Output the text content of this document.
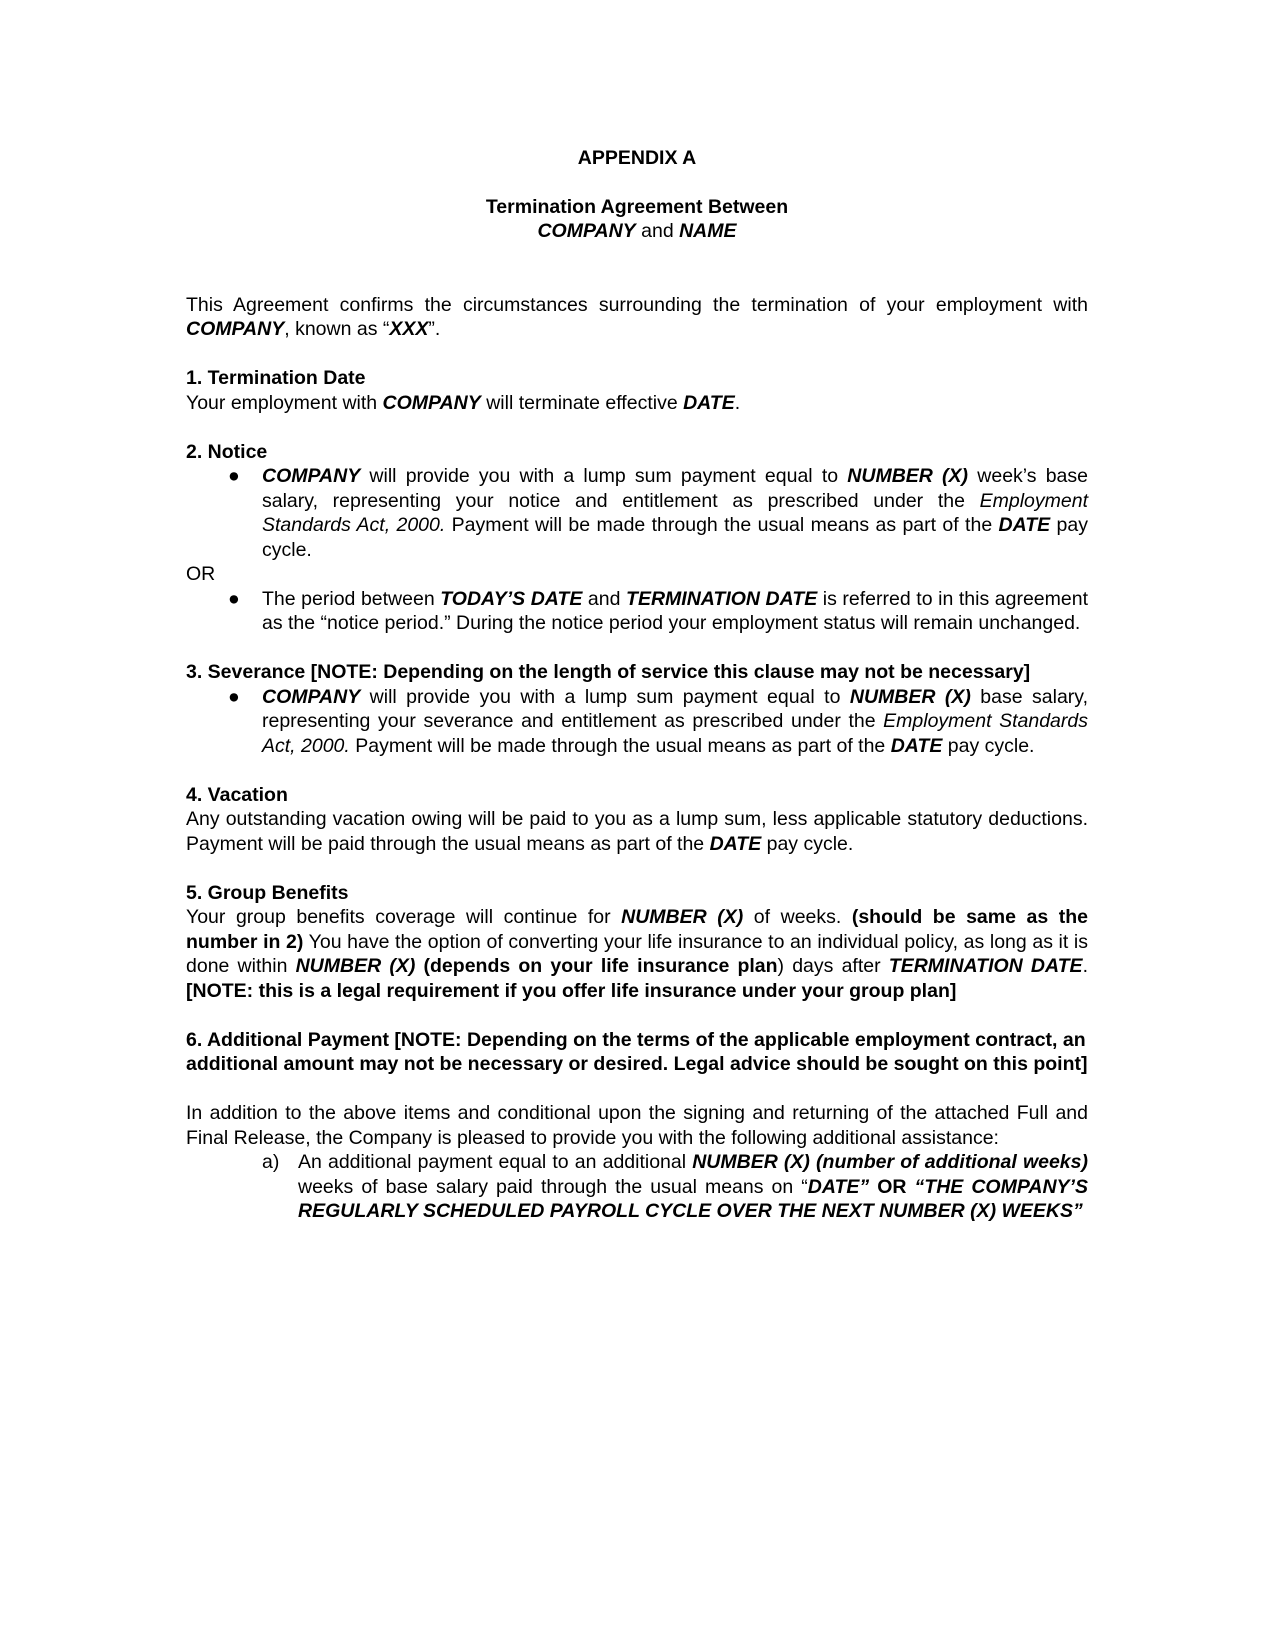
APPENDIX A

Termination Agreement Between
COMPANY and NAME

This Agreement confirms the circumstances surrounding the termination of your employment with COMPANY, known as “XXX”.

1. Termination Date

Your employment with COMPANY will terminate effective DATE.

2. Notice

● COMPANY will provide you with a lump sum payment equal to NUMBER (X) week’s base salary, representing your notice and entitlement as prescribed under the Employment Standards Act, 2000. Payment will be made through the usual means as part of the DATE pay cycle.

OR

● The period between TODAY’S DATE and TERMINATION DATE is referred to in this agreement as the “notice period.” During the notice period your employment status will remain unchanged.

3. Severance [NOTE: Depending on the length of service this clause may not be necessary]

● COMPANY will provide you with a lump sum payment equal to NUMBER (X) base salary, representing your severance and entitlement as prescribed under the Employment Standards Act, 2000. Payment will be made through the usual means as part of the DATE pay cycle.

4. Vacation

Any outstanding vacation owing will be paid to you as a lump sum, less applicable statutory deductions. Payment will be paid through the usual means as part of the DATE pay cycle.

5. Group Benefits

Your group benefits coverage will continue for NUMBER (X) of weeks. (should be same as the number in 2) You have the option of converting your life insurance to an individual policy, as long as it is done within NUMBER (X) (depends on your life insurance plan) days after TERMINATION DATE. [NOTE: this is a legal requirement if you offer life insurance under your group plan]

6. Additional Payment [NOTE: Depending on the terms of the applicable employment contract, an additional amount may not be necessary or desired. Legal advice should be sought on this point]

In addition to the above items and conditional upon the signing and returning of the attached Full and Final Release, the Company is pleased to provide you with the following additional assistance:

a) An additional payment equal to an additional NUMBER (X) (number of additional weeks) weeks of base salary paid through the usual means on “DATE” OR “THE COMPANY’S REGULARLY SCHEDULED PAYROLL CYCLE OVER THE NEXT NUMBER (X) WEEKS”
